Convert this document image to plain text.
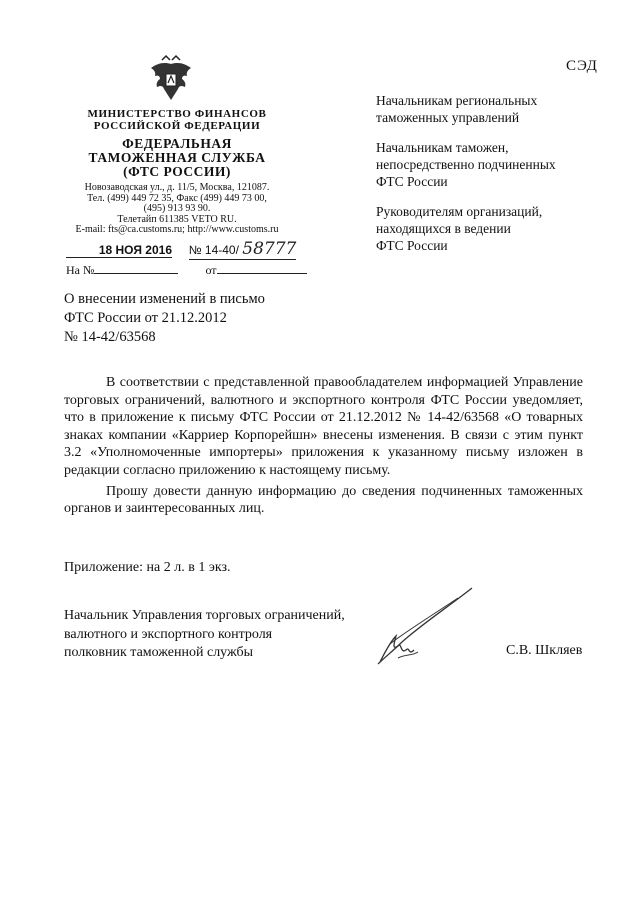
СЭД
МИНИСТЕРСТВО ФИНАНСОВ
РОССИЙСКОЙ ФЕДЕРАЦИИ
ФЕДЕРАЛЬНАЯ
ТАМОЖЕННАЯ СЛУЖБА
(ФТС РОССИИ)
Новозаводская ул., д. 11/5, Москва, 121087.
Тел. (499) 449 72 35, Факс (499) 449 73 00,
(495) 913 93 90.
Телетайп 611385 VETO RU.
E-mail: fts@ca.customs.ru; http://www.customs.ru
18 НОЯ 2016 № 14-40/ 58777
На №	от
Начальникам региональных
таможенных управлений
Начальникам таможен,
непосредственно подчиненных
ФТС России
Руководителям организаций,
находящихся в ведении
ФТС России
О внесении изменений в письмо
ФТС России от 21.12.2012
№ 14-42/63568

В соответствии с представленной правообладателем информацией Управление торговых ограничений, валютного и экспортного контроля ФТС России уведомляет, что в приложение к письму ФТС России от 21.12.2012 № 14-42/63568 «О товарных знаках компании «Карриер Корпорейшн» внесены изменения. В связи с этим пункт 3.2 «Уполномоченные импортеры» приложения к указанному письму изложен в редакции согласно приложению к настоящему письму.

Прошу довести данную информацию до сведения подчиненных таможенных органов и заинтересованных лиц.

Приложение: на 2 л. в 1 экз.
Начальник Управления торговых ограничений,
валютного и экспортного контроля
полковник таможенной службы	С.В. Шкляев
